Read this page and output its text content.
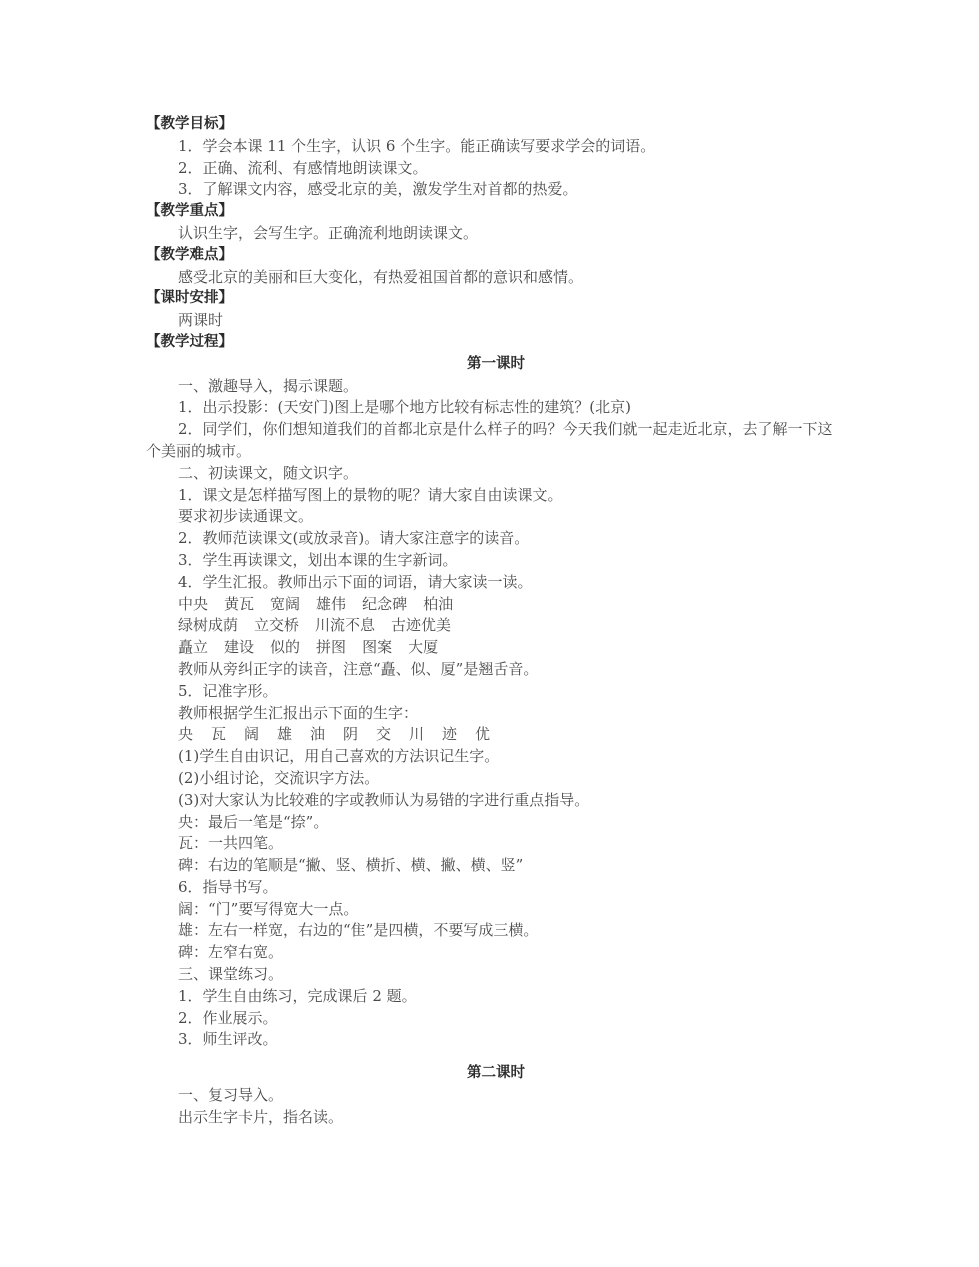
【教学目标】
1．学会本课 11 个生字，认识 6 个生字。能正确读写要求学会的词语。
2．正确、流利、有感情地朗读课文。
3．了解课文内容，感受北京的美，激发学生对首都的热爱。
【教学重点】
认识生字，会写生字。正确流利地朗读课文。
【教学难点】
感受北京的美丽和巨大变化，有热爱祖国首都的意识和感情。
【课时安排】
两课时
【教学过程】
第一课时
一、激趣导入，揭示课题。
1．出示投影：(天安门)图上是哪个地方比较有标志性的建筑？(北京)
2．同学们，你们想知道我们的首都北京是什么样子的吗？今天我们就一起走近北京，去了解一下这个美丽的城市。
二、初读课文，随文识字。
1．课文是怎样描写图上的景物的呢？请大家自由读课文。
要求初步读通课文。
2．教师范读课文(或放录音)。请大家注意字的读音。
3．学生再读课文，划出本课的生字新词。
4．学生汇报。教师出示下面的词语，请大家读一读。
中央 黄瓦 宽阔 雄伟 纪念碑 柏油
绿树成荫 立交桥 川流不息 古迹优美
矗立 建设 似的 拼图 图案 大厦
教师从旁纠正字的读音，注意“矗、似、厦”是翘舌音。
5．记准字形。
教师根据学生汇报出示下面的生字：
央 瓦 阔 雄 油 阴 交 川 迹 优
(1)学生自由识记，用自己喜欢的方法识记生字。
(2)小组讨论，交流识字方法。
(3)对大家认为比较难的字或教师认为易错的字进行重点指导。
央：最后一笔是“捺”。
瓦：一共四笔。
碑：右边的笔顺是“撇、竖、横折、横、撇、横、竖”
6．指导书写。
阔：“门”要写得宽大一点。
雄：左右一样宽，右边的“隹”是四横，不要写成三横。
碑：左窄右宽。
三、课堂练习。
1．学生自由练习，完成课后 2 题。
2．作业展示。
3．师生评改。
第二课时
一、复习导入。
出示生字卡片，指名读。
